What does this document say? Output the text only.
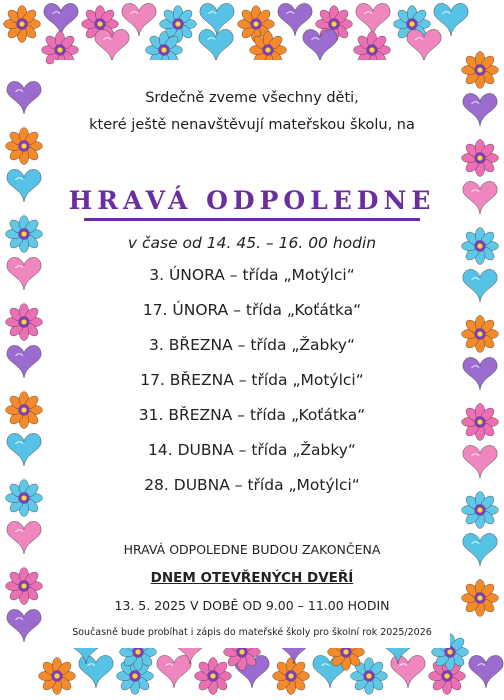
Srdečně zveme všechny děti,
které ještě nenavštěvují mateřskou školu, na
HRAVÁ ODPOLEDNE
v čase od 14. 45. – 16. 00 hodin
3. ÚNORA – třída „Motýlci“
17. ÚNORA – třída „Koťátka“
3. BŘEZNA – třída „Žabky“
17. BŘEZNA – třída „Motýlci“
31. BŘEZNA – třída „Koťátka“
14. DUBNA – třída „Žabky“
28. DUBNA – třída „Motýlci“
HRAVÁ ODPOLEDNE BUDOU ZAKONČENA
DNEM OTEVŘENÝCH DVEŘÍ
13. 5. 2025 V DOBĚ OD 9.00 – 11.00 HODIN
Současně bude probíhat i zápis do mateřské školy pro školní rok 2025/2026
